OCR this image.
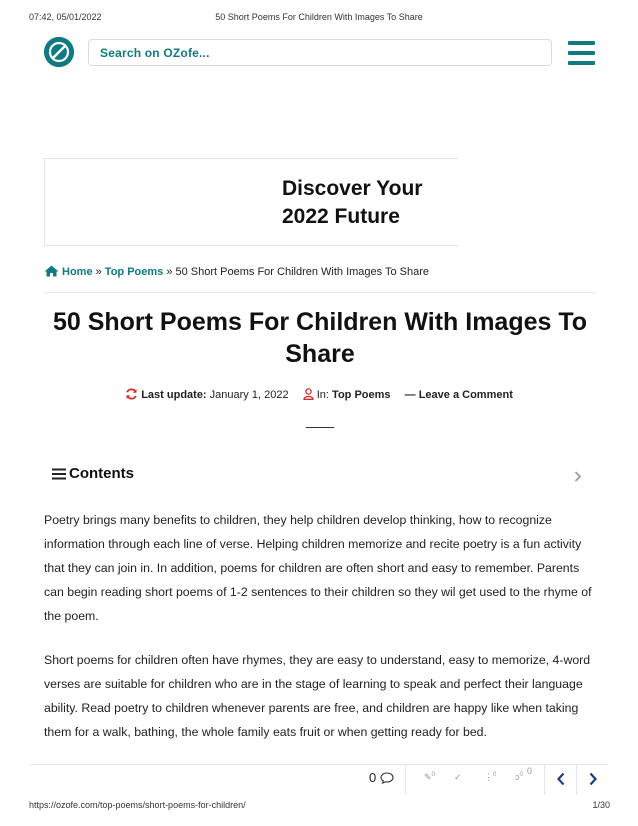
07:42, 05/01/2022	50 Short Poems For Children With Images To Share
Search on OZofe...
Discover Your
2022 Future
Home » Top Poems » 50 Short Poems For Children With Images To Share
50 Short Poems For Children With Images To Share
Last update: January 1, 2022	In: Top Poems — Leave a Comment
Contents
Poetry brings many benefits to children, they help children develop thinking, how to recognize information through each line of verse. Helping children memorize and recite poetry is a fun activity that they can join in. In addition, poems for children are often short and easy to remember. Parents can begin reading short poems of 1-2 sentences to their children so they wil get used to the rhyme of the poem.
Short poems for children often have rhymes, they are easy to understand, easy to memorize, 4-word verses are suitable for children who are in the stage of learning to speak and perfect their language ability. Read poetry to children whenever parents are free, and children are happy like when taking them for a walk, bathing, the whole family eats fruit or when getting ready for bed.
0	✎$^0$ ✓ ⋮$^0$ ↄ$^0$ 0
https://ozofe.com/top-poems/short-poems-for-children/	1/30
